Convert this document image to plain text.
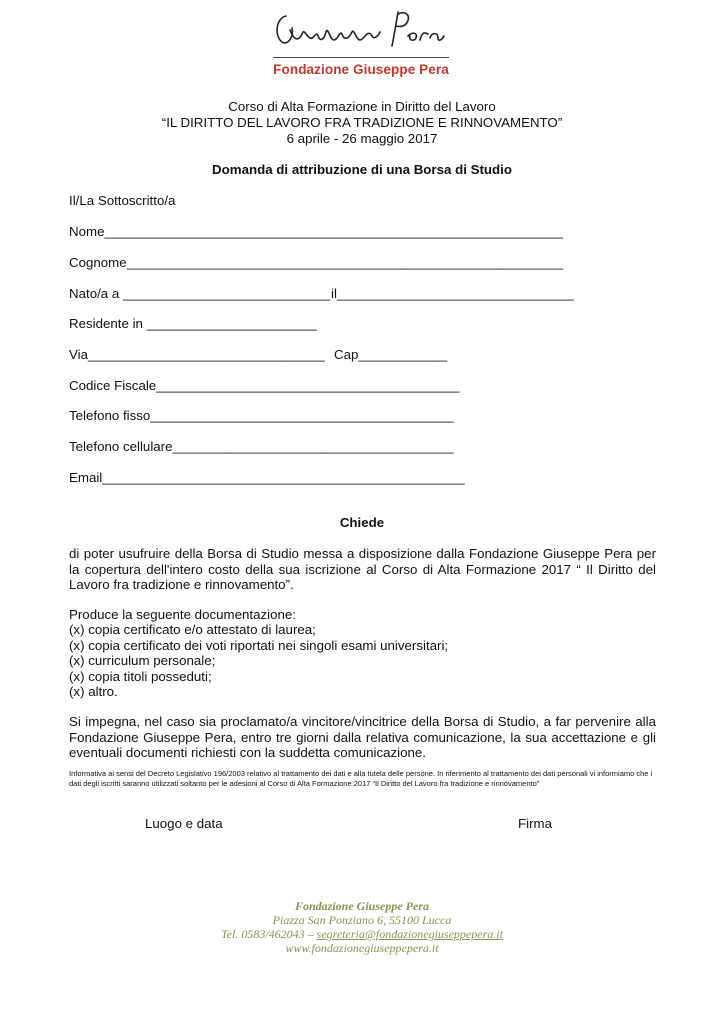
Fondazione Giuseppe Pera
Corso di Alta Formazione in Diritto del Lavoro
“IL DIRITTO DEL LAVORO FRA TRADIZIONE E RINNOVAMENTO”
6 aprile - 26 maggio 2017
Domanda di attribuzione di una Borsa di Studio
Il/La Sottoscritto/a
Nome______________________________________________________________
Cognome___________________________________________________________
Nato/a a ____________________________ il________________________________
Residente in _______________________
Via________________________________ Cap____________
Codice Fiscale_________________________________________
Telefono fisso_________________________________________
Telefono cellulare______________________________________
Email_________________________________________________
Chiede
di poter usufruire della Borsa di Studio messa a disposizione dalla Fondazione Giuseppe Pera per la copertura dell'intero costo della sua iscrizione al Corso di Alta Formazione 2017 “ Il Diritto del Lavoro fra tradizione e rinnovamento”.
Produce la seguente documentazione:
(x) copia certificato e/o attestato di laurea;
(x) copia certificato dei voti riportati nei singoli esami universitari;
(x) curriculum personale;
(x) copia titoli posseduti;
(x) altro.
Si impegna, nel caso sia proclamato/a vincitore/vincitrice della Borsa di Studio, a far pervenire alla Fondazione Giuseppe Pera, entro tre giorni dalla relativa comunicazione, la sua accettazione e gli eventuali documenti richiesti con la suddetta comunicazione.
Informativa ai sensi del Decreto Legislativo 196/2003 relativo al trattamento dei dati e alla tutela delle persone. In riferimento al trattamento dei dati personali vi informiamo che i dati degli iscritti saranno utilizzati soltanto per le adesioni al Corso di Alta Formazione 2017 “Il Diritto del Lavoro fra tradizione e rinnovamento”
Luogo e data	Firma
Fondazione Giuseppe Pera
Piazza San Ponziano 6, 55100 Lucca
Tel. 0583/462043 – segreteria@fondazionegiuseppepera.it
www.fondazionegiuseppepera.it
